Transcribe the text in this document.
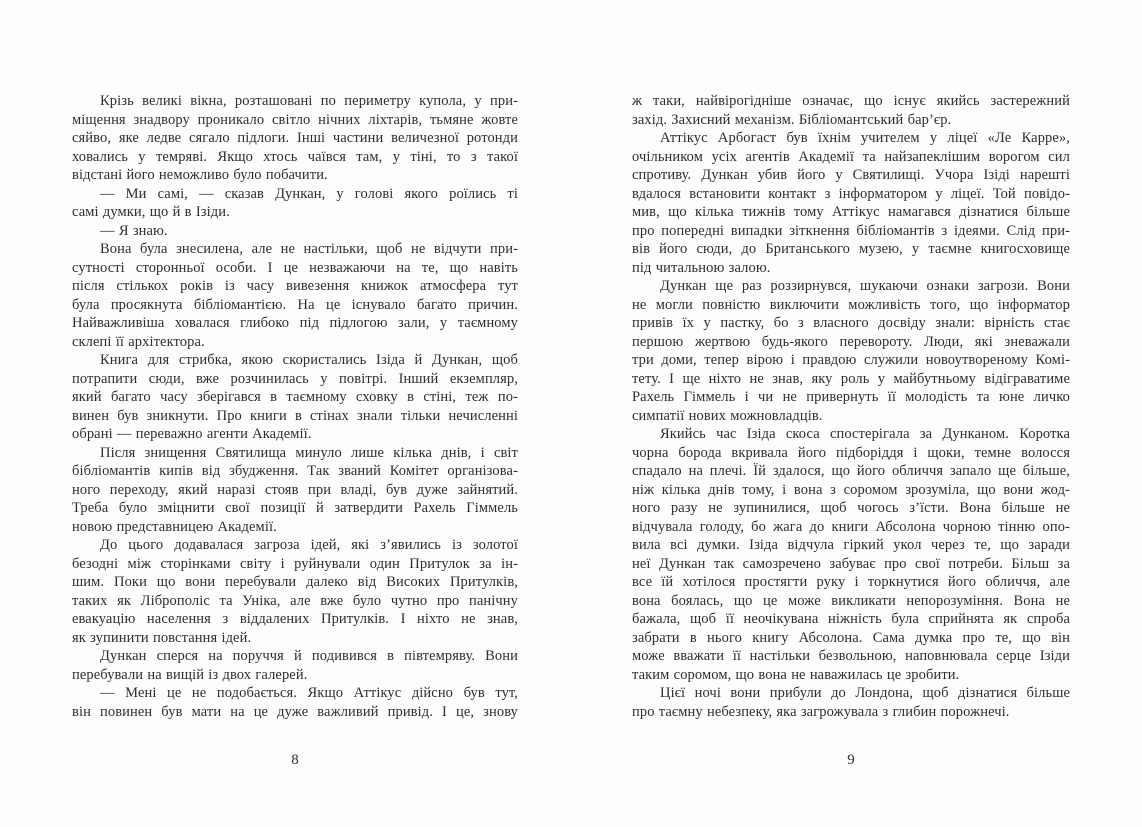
Крізь великі вікна, розташовані по периметру купола, у при-
міщення знадвору проникало світло нічних ліхтарів, тьмяне жовте
сяйво, яке ледве сягало підлоги. Інші частини величезної ротонди
ховались у темряві. Якщо хтось чаївся там, у тіні, то з такої
відстані його неможливо було побачити.
— Ми самі, — сказав Дункан, у голові якого роїлись ті
самі думки, що й в Ізіди.
— Я знаю.
Вона була знесилена, але не настільки, щоб не відчути при-
сутності сторонньої особи. І це незважаючи на те, що навіть
після стількох років із часу вивезення книжок атмосфера тут
була просякнута бібліомантією. На це існувало багато причин.
Найважливіша ховалася глибоко під підлогою зали, у таємному
склепі її архітектора.
Книга для стрибка, якою скористались Ізіда й Дункан, щоб
потрапити сюди, вже розчинилась у повітрі. Інший екземпляр,
який багато часу зберігався в таємному сховку в стіні, теж по-
винен був зникнути. Про книги в стінах знали тільки нечисленні
обрані — переважно агенти Академії.
Після знищення Святилища минуло лише кілька днів, і світ
бібліомантів кипів від збудження. Так званий Комітет організова-
ного переходу, який наразі стояв при владі, був дуже зайнятий.
Треба було зміцнити свої позиції й затвердити Рахель Гіммель
новою представницею Академії.
До цього додавалася загроза ідей, які з’явились із золотої
безодні між сторінками світу і руйнували один Притулок за ін-
шим. Поки що вони перебували далеко від Високих Притулків,
таких як Ліброполіс та Уніка, але вже було чутно про панічну
евакуацію населення з віддалених Притулків. І ніхто не знав,
як зупинити повстання ідей.
Дункан сперся на поруччя й подивився в півтемряву. Вони
перебували на вищій із двох галерей.
— Мені це не подобається. Якщо Аттікус дійсно був тут,
він повинен був мати на це дуже важливий привід. І це, знову
ж таки, найвірогідніше означає, що існує якийсь застережний
захід. Захисний механізм. Бібліомантський бар’єр.
Аттікус Арбогаст був їхнім учителем у ліцеї «Ле Карре»,
очільником усіх агентів Академії та найзапеклішим ворогом сил
спротиву. Дункан убив його у Святилищі. Учора Ізіді нарешті
вдалося встановити контакт з інформатором у ліцеї. Той повідо-
мив, що кілька тижнів тому Аттікус намагався дізнатися більше
про попередні випадки зіткнення бібліомантів з ідеями. Слід при-
вів його сюди, до Британського музею, у таємне книгосховище
під читальною залою.
Дункан ще раз роззирнувся, шукаючи ознаки загрози. Вони
не могли повністю виключити можливість того, що інформатор
привів їх у пастку, бо з власного досвіду знали: вірність стає
першою жертвою будь-якого перевороту. Люди, які зневажали
три доми, тепер вірою і правдою служили новоутвореному Комі-
тету. І ще ніхто не знав, яку роль у майбутньому відіграватиме
Рахель Гіммель і чи не привернуть її молодість та юне личко
симпатії нових можновладців.
Якийсь час Ізіда скоса спостерігала за Дунканом. Коротка
чорна борода вкривала його підборіддя і щоки, темне волосся
спадало на плечі. Їй здалося, що його обличчя запало ще більше,
ніж кілька днів тому, і вона з соромом зрозуміла, що вони жод-
ного разу не зупинилися, щоб чогось з’їсти. Вона більше не
відчувала голоду, бо жага до книги Абсолона чорною тінню опо-
вила всі думки. Ізіда відчула гіркий укол через те, що заради
неї Дункан так самозречено забуває про свої потреби. Більш за
все їй хотілося простягти руку і торкнутися його обличчя, але
вона боялась, що це може викликати непорозуміння. Вона не
бажала, щоб її неочікувана ніжність була сприйнята як спроба
забрати в нього книгу Абсолона. Сама думка про те, що він
може вважати її настільки безвольною, наповнювала серце Ізіди
таким соромом, що вона не наважилась це зробити.
Цієї ночі вони прибули до Лондона, щоб дізнатися більше
про таємну небезпеку, яка загрожувала з глибин порожнечі.
8	9
